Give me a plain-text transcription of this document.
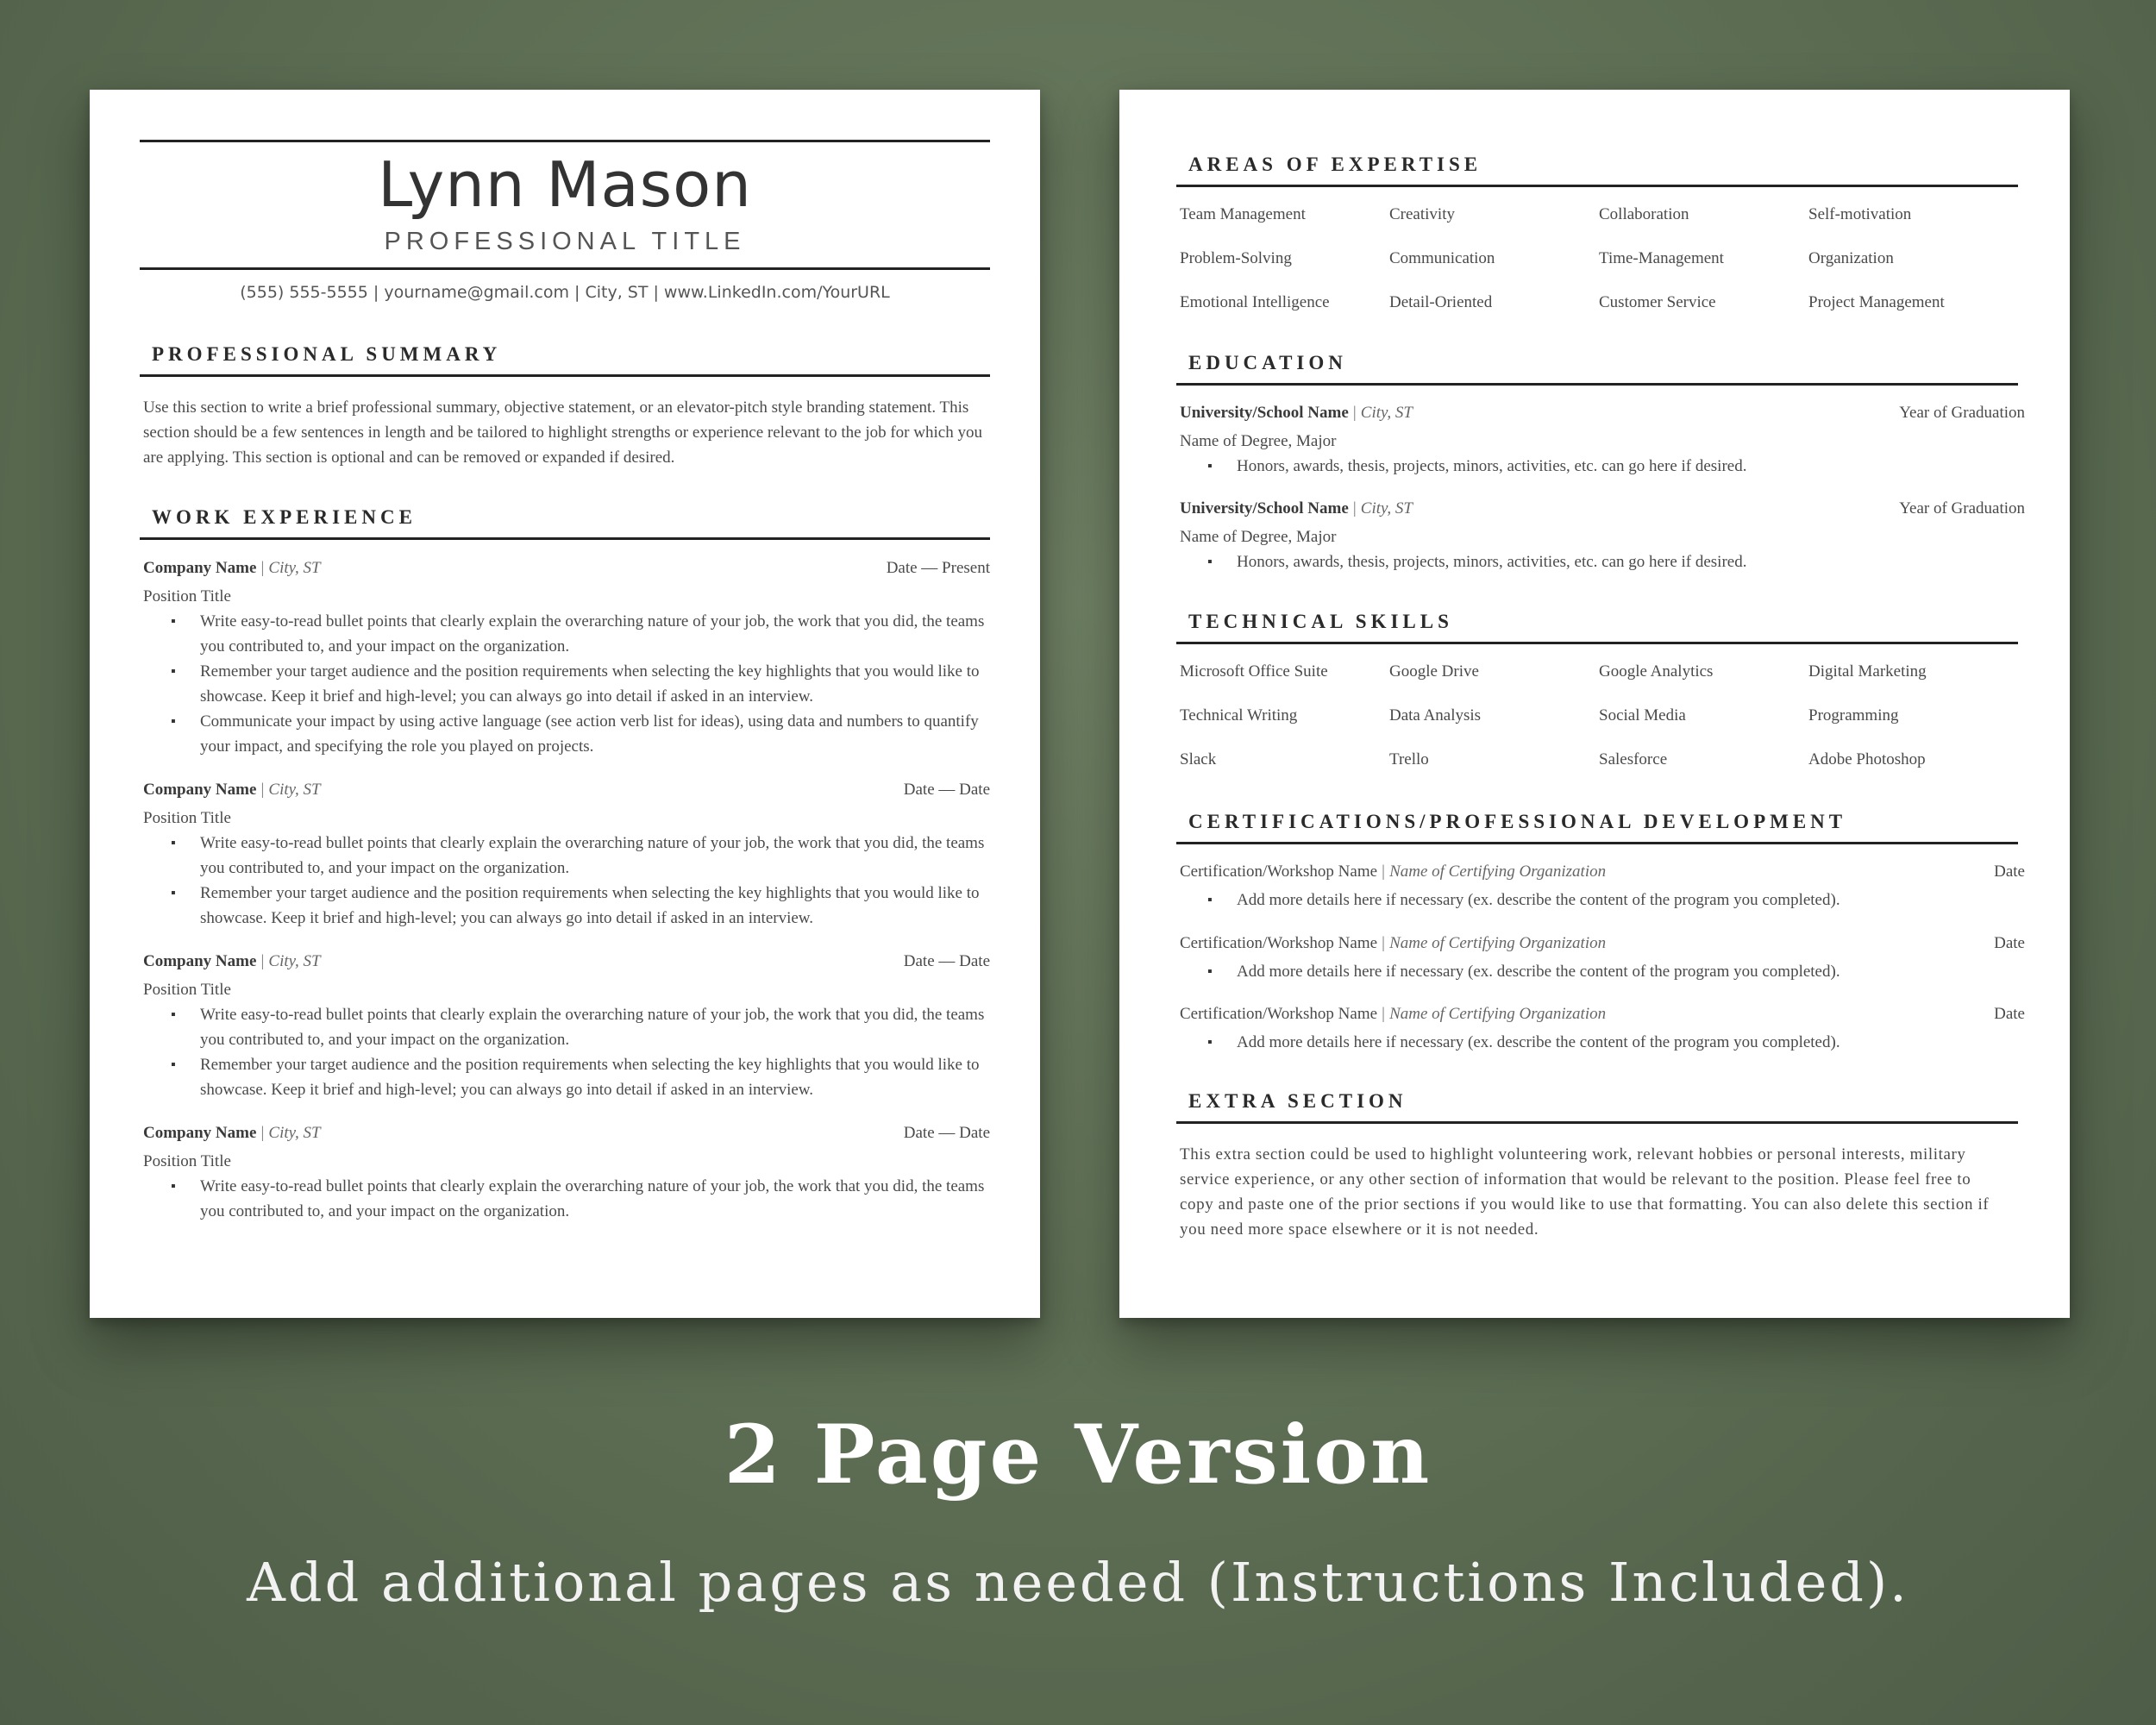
Lynn Mason
PROFESSIONAL TITLE
(555) 555-5555 | yourname@gmail.com | City, ST | www.LinkedIn.com/YourURL
PROFESSIONAL SUMMARY
Use this section to write a brief professional summary, objective statement, or an elevator-pitch style branding statement. This section should be a few sentences in length and be tailored to highlight strengths or experience relevant to the job for which you are applying. This section is optional and can be removed or expanded if desired.
WORK EXPERIENCE
Company Name | City, ST	Date — Present
Position Title
▪ Write easy-to-read bullet points that clearly explain the overarching nature of your job, the work that you did, the teams you contributed to, and your impact on the organization.
▪ Remember your target audience and the position requirements when selecting the key highlights that you would like to showcase. Keep it brief and high-level; you can always go into detail if asked in an interview.
▪ Communicate your impact by using active language (see action verb list for ideas), using data and numbers to quantify your impact, and specifying the role you played on projects.
Company Name | City, ST	Date — Date
Position Title
▪ Write easy-to-read bullet points that clearly explain the overarching nature of your job, the work that you did, the teams you contributed to, and your impact on the organization.
▪ Remember your target audience and the position requirements when selecting the key highlights that you would like to showcase. Keep it brief and high-level; you can always go into detail if asked in an interview.
Company Name | City, ST	Date — Date
Position Title
▪ Write easy-to-read bullet points that clearly explain the overarching nature of your job, the work that you did, the teams you contributed to, and your impact on the organization.
▪ Remember your target audience and the position requirements when selecting the key highlights that you would like to showcase. Keep it brief and high-level; you can always go into detail if asked in an interview.
Company Name | City, ST	Date — Date
Position Title
▪ Write easy-to-read bullet points that clearly explain the overarching nature of your job, the work that you did, the teams you contributed to, and your impact on the organization.
AREAS OF EXPERTISE
Team Management	Creativity	Collaboration	Self-motivation
Problem-Solving	Communication	Time-Management	Organization
Emotional Intelligence	Detail-Oriented	Customer Service	Project Management
EDUCATION
University/School Name | City, ST	Year of Graduation
Name of Degree, Major
▪ Honors, awards, thesis, projects, minors, activities, etc. can go here if desired.
University/School Name | City, ST	Year of Graduation
Name of Degree, Major
▪ Honors, awards, thesis, projects, minors, activities, etc. can go here if desired.
TECHNICAL SKILLS
Microsoft Office Suite	Google Drive	Google Analytics	Digital Marketing
Technical Writing	Data Analysis	Social Media	Programming
Slack	Trello	Salesforce	Adobe Photoshop
CERTIFICATIONS/PROFESSIONAL DEVELOPMENT
Certification/Workshop Name | Name of Certifying Organization	Date
▪ Add more details here if necessary (ex. describe the content of the program you completed).
Certification/Workshop Name | Name of Certifying Organization	Date
▪ Add more details here if necessary (ex. describe the content of the program you completed).
Certification/Workshop Name | Name of Certifying Organization	Date
▪ Add more details here if necessary (ex. describe the content of the program you completed).
EXTRA SECTION
This extra section could be used to highlight volunteering work, relevant hobbies or personal interests, military service experience, or any other section of information that would be relevant to the position. Please feel free to copy and paste one of the prior sections if you would like to use that formatting. You can also delete this section if you need more space elsewhere or it is not needed.
2 Page Version
Add additional pages as needed (Instructions Included).
